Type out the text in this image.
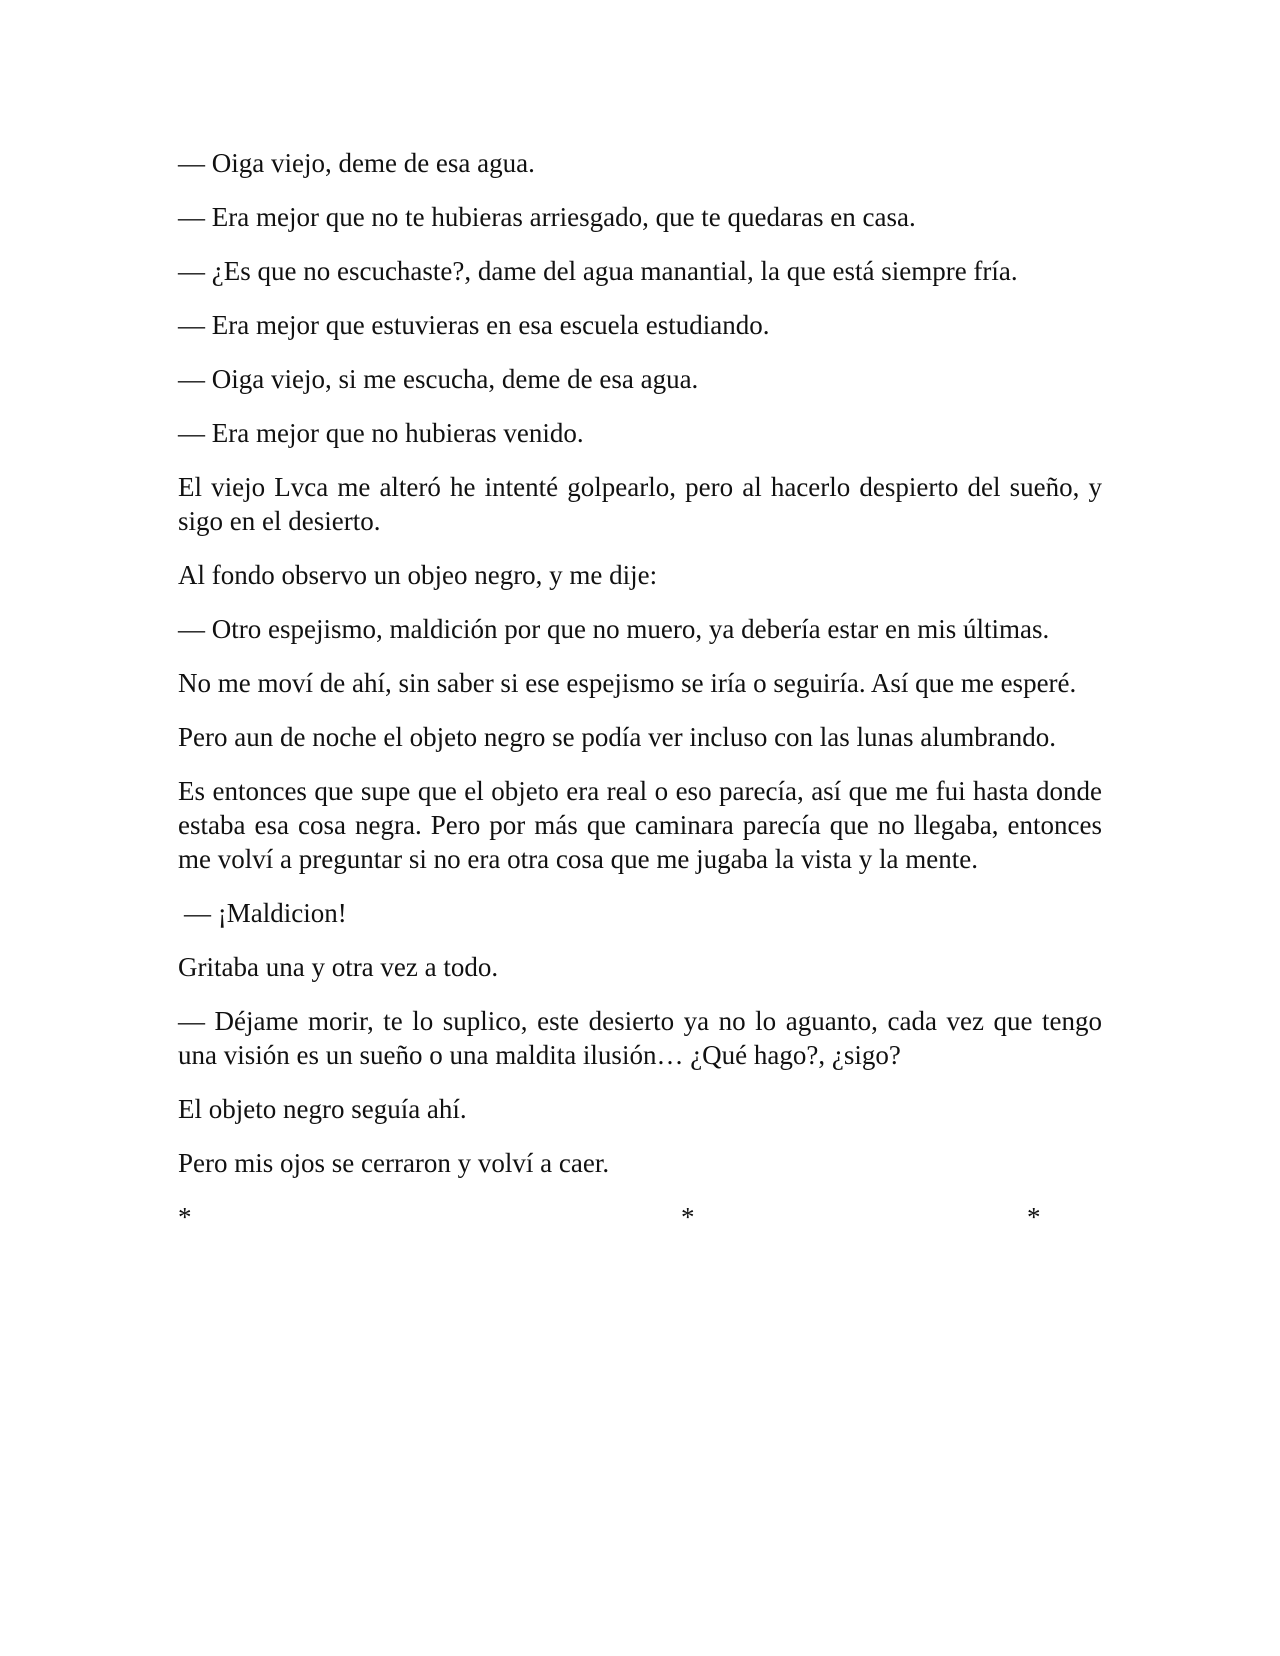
— Oiga viejo, deme de esa agua.

— Era mejor que no te hubieras arriesgado, que te quedaras en casa.

— ¿Es que no escuchaste?, dame del agua manantial, la que está siempre fría.

— Era mejor que estuvieras en esa escuela estudiando.

— Oiga viejo, si me escucha, deme de esa agua.

— Era mejor que no hubieras venido.

El viejo Lvca me alteró he intenté golpearlo, pero al hacerlo despierto del sueño, y sigo en el desierto.

Al fondo observo un objeo negro, y me dije:

— Otro espejismo, maldición por que no muero, ya debería estar en mis últimas.

No me moví de ahí, sin saber si ese espejismo se iría o seguiría. Así que me esperé.

Pero aun de noche el objeto negro se podía ver incluso con las lunas alumbrando.

Es entonces que supe que el objeto era real o eso parecía, así que me fui hasta donde estaba esa cosa negra. Pero por más que caminara parecía que no llegaba, entonces me volví a preguntar si no era otra cosa que me jugaba la vista y la mente.

— ¡Maldicion!

Gritaba una y otra vez a todo.

— Déjame morir, te lo suplico, este desierto ya no lo aguanto, cada vez que tengo una visión es un sueño o una maldita ilusión… ¿Qué hago?, ¿sigo?

El objeto negro seguía ahí.

Pero mis ojos se cerraron y volví a caer.

*	*	*
